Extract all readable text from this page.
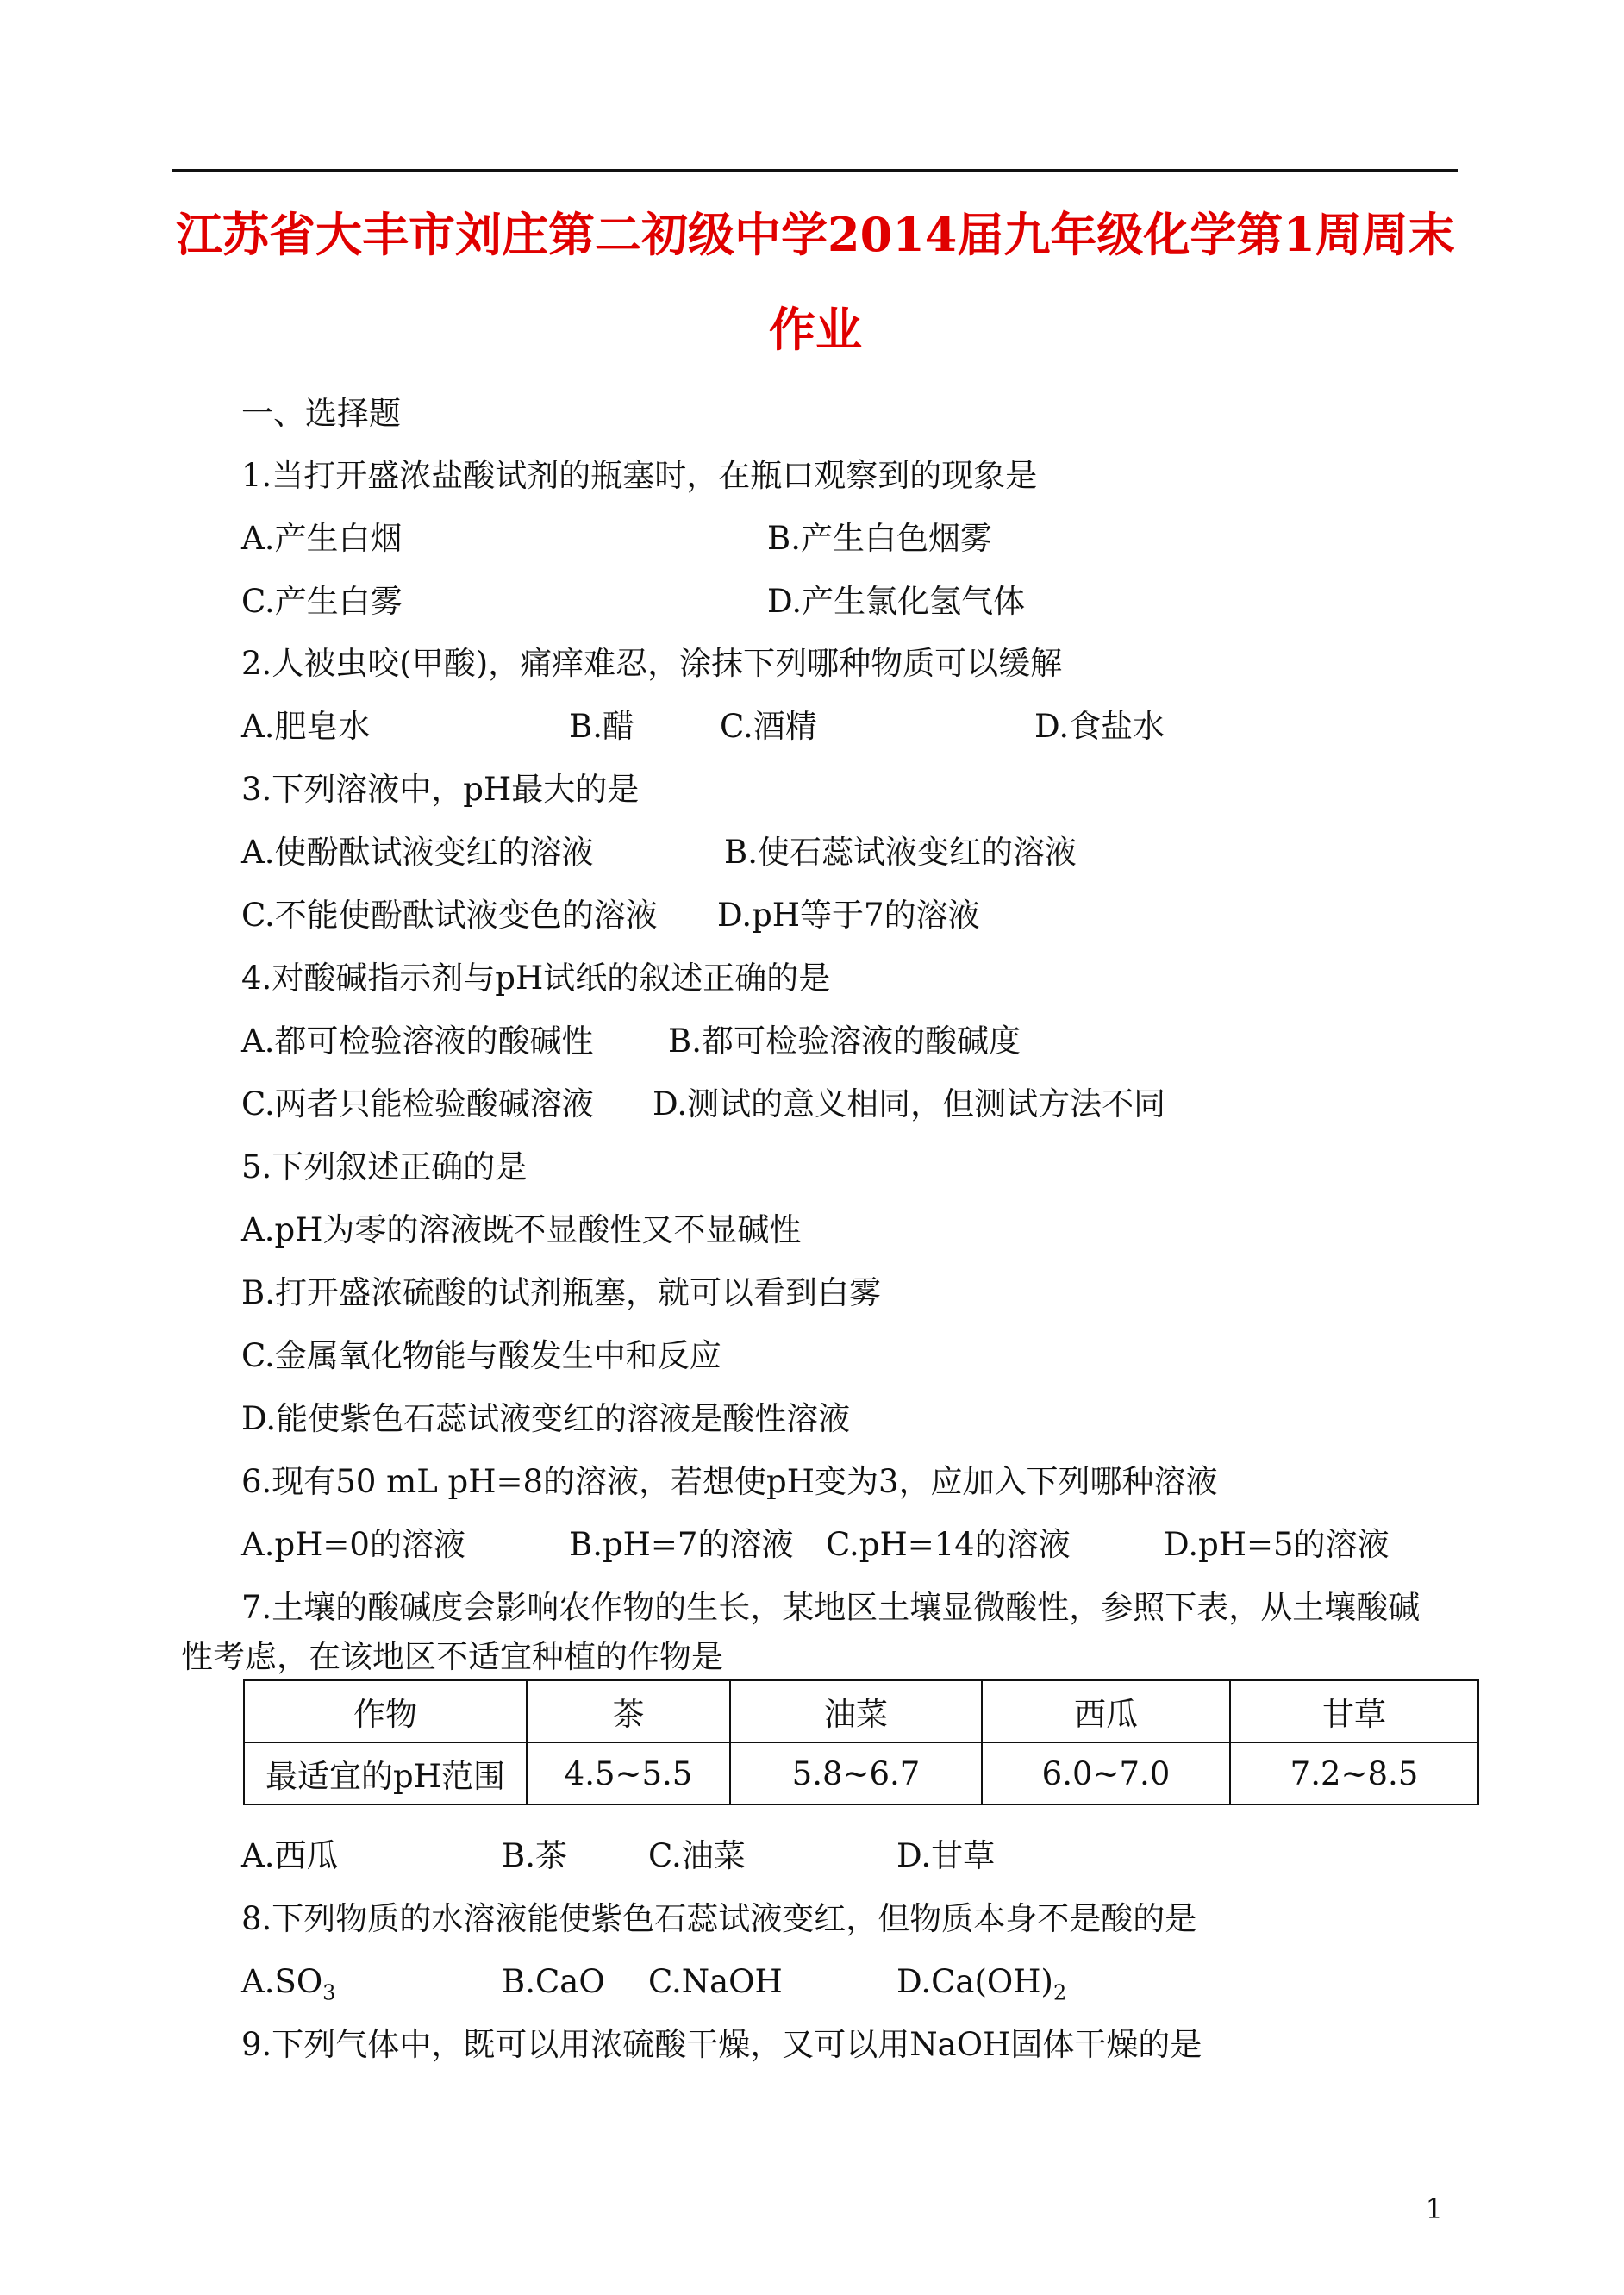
江苏省大丰市刘庄第二初级中学2014届九年级化学第1周周末
作业
一、选择题
1.当打开盛浓盐酸试剂的瓶塞时，在瓶口观察到的现象是
A.产生白烟	B.产生白色烟雾
C.产生白雾	D.产生氯化氢气体
2.人被虫咬(甲酸)，痛痒难忍，涂抹下列哪种物质可以缓解
A.肥皂水	B.醋	C.酒精	D.食盐水
3.下列溶液中，pH最大的是
A.使酚酞试液变红的溶液	B.使石蕊试液变红的溶液
C.不能使酚酞试液变色的溶液 D.pH等于7的溶液
4.对酸碱指示剂与pH试纸的叙述正确的是
A.都可检验溶液的酸碱性 B.都可检验溶液的酸碱度
C.两者只能检验酸碱溶液 D.测试的意义相同，但测试方法不同
5.下列叙述正确的是
A.pH为零的溶液既不显酸性又不显碱性
B.打开盛浓硫酸的试剂瓶塞，就可以看到白雾
C.金属氧化物能与酸发生中和反应
D.能使紫色石蕊试液变红的溶液是酸性溶液
6.现有50 mL pH=8的溶液，若想使pH变为3，应加入下列哪种溶液
A.pH=0的溶液	B.pH=7的溶液 C.pH=14的溶液	D.pH=5的溶液
7.土壤的酸碱度会影响农作物的生长，某地区土壤显微酸性，参照下表，从土壤酸碱
性考虑，在该地区不适宜种植的作物是
作物	茶	油菜	西瓜	甘草
最适宜的pH范围	4.5~5.5	5.8~6.7	6.0~7.0	7.2~8.5
A.西瓜	B.茶	C.油菜	D.甘草
8.下列物质的水溶液能使紫色石蕊试液变红，但物质本身不是酸的是
$A.SO_3$	B.CaO C.NaOH	$D.Ca(OH)_2$
9.下列气体中，既可以用浓硫酸干燥，又可以用NaOH固体干燥的是
1
